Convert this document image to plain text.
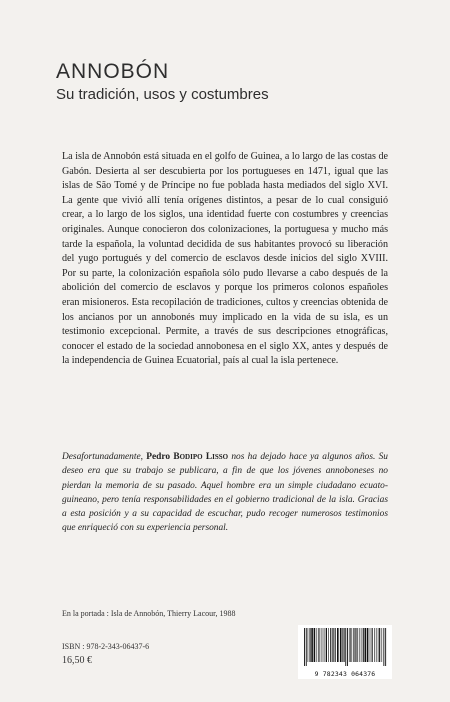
ANNOBÓN
Su tradición, usos y costumbres

La isla de Annobón está situada en el golfo de Guinea, a lo largo de las costas de Gabón. Desierta al ser descubierta por los portugueses en 1471, igual que las islas de São Tomé y de Príncipe no fue poblada hasta mediados del siglo XVI. La gente que vivió allí tenía orígenes distintos, a pesar de lo cual consiguió crear, a lo largo de los siglos, una identidad fuerte con costumbres y creencias originales. Aunque conocieron dos colonizaciones, la portuguesa y mucho más tarde la española, la voluntad decidida de sus habitantes provocó su liberación del yugo portugués y del comercio de esclavos desde inicios del siglo XVIII. Por su parte, la colonización española sólo pudo llevarse a cabo después de la abolición del comercio de esclavos y porque los primeros colonos españoles eran misioneros. Esta recopilación de tradiciones, cultos y creencias obtenida de los ancianos por un annobonés muy implicado en la vida de su isla, es un testimonio excepcional. Permite, a través de sus descripciones etnográficas, conocer el estado de la sociedad annobonesa en el siglo XX, antes y después de la independencia de Guinea Ecuatorial, país al cual la isla pertenece.

Desafortunadamente, Pedro Bodipo Lisso nos ha dejado hace ya algunos años. Su deseo era que su trabajo se publicara, a fin de que los jóvenes annoboneses no pierdan la memoria de su pasado. Aquel hombre era un simple ciudadano ecuato-guineano, pero tenía responsabilidades en el gobierno tradicional de la isla. Gracias a esta posición y a su capacidad de escuchar, pudo recoger numerosos testimonios que enriqueció con su experiencia personal.

En la portada : Isla de Annobón, Thierry Lacour, 1988
ISBN : 978-2-343-06437-6
16,50 €
9 782343 064376
